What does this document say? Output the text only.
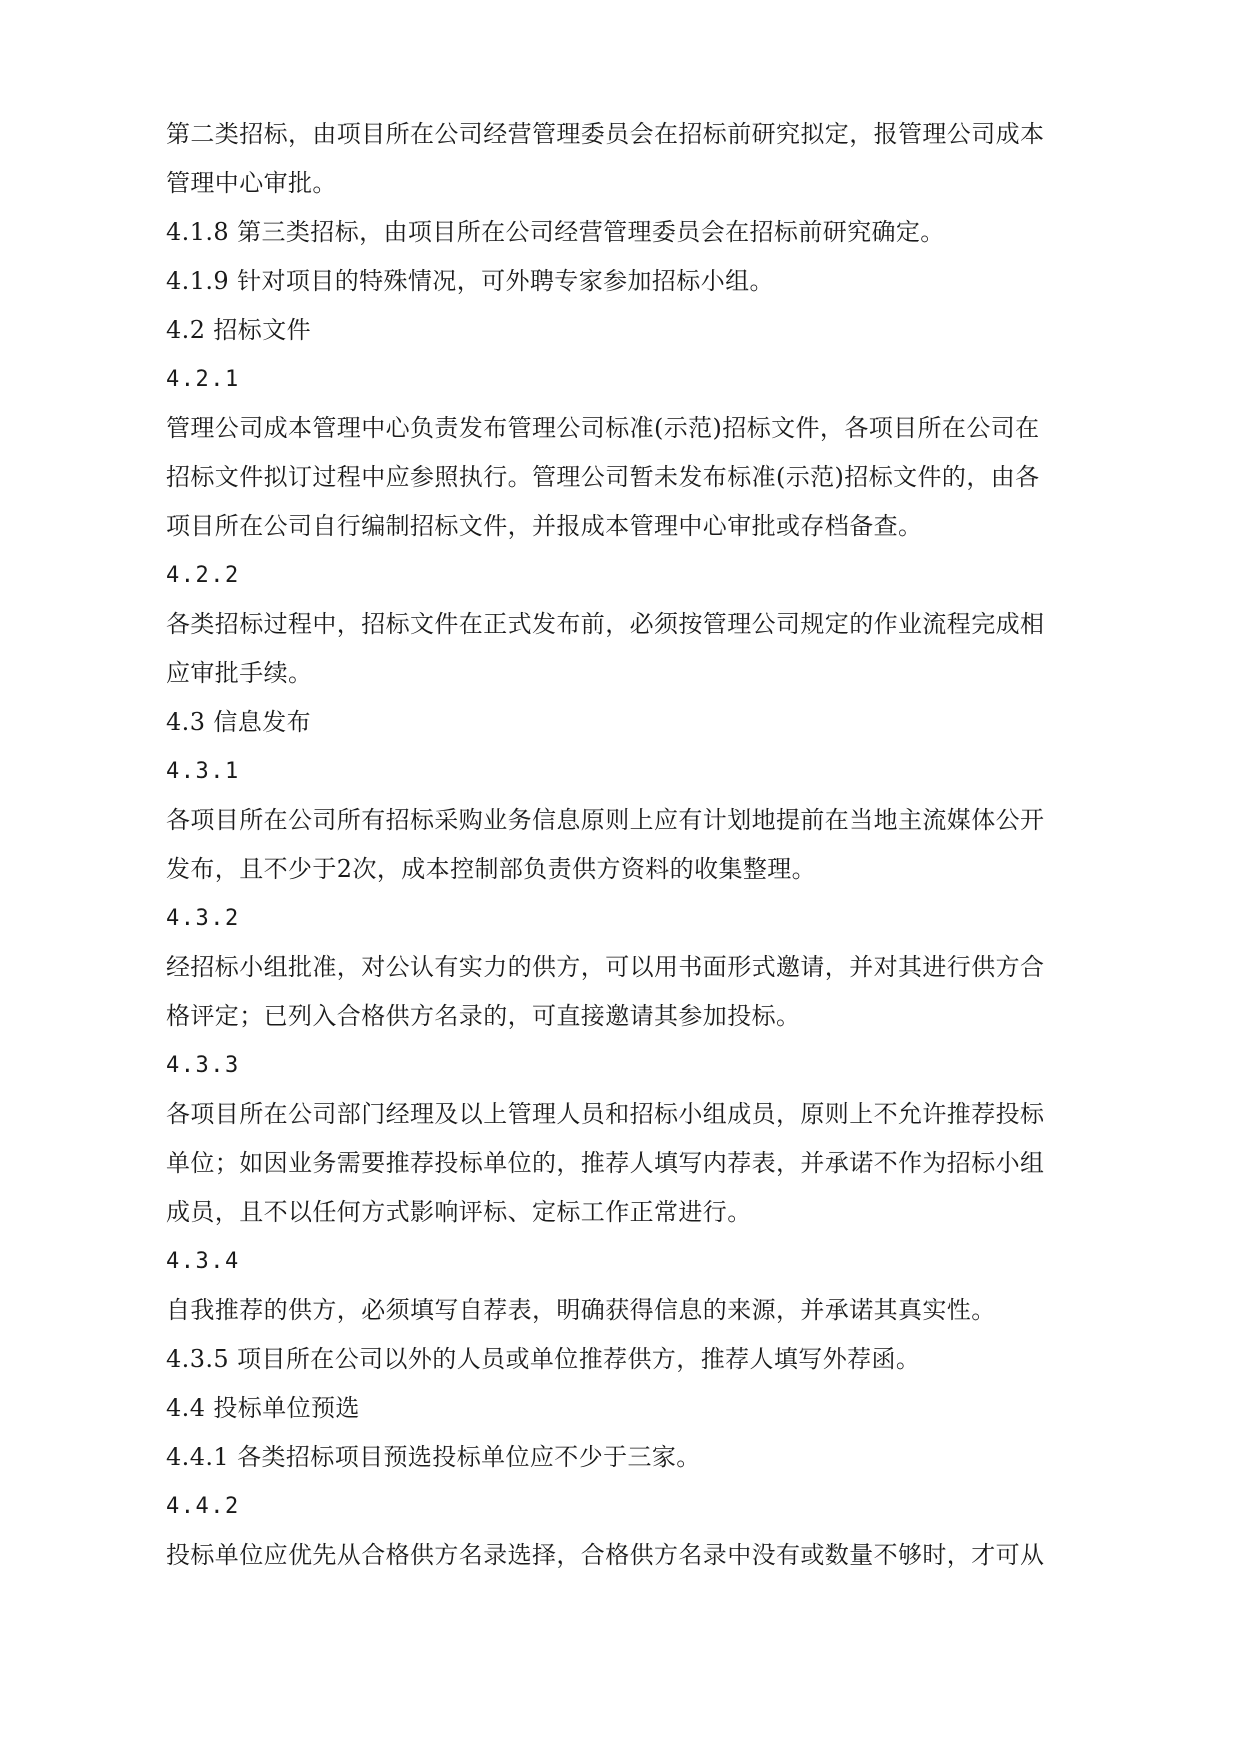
第二类招标，由项目所在公司经营管理委员会在招标前研究拟定，报管理公司成本
管理中心审批。
4.1.8 第三类招标，由项目所在公司经营管理委员会在招标前研究确定。
4.1.9 针对项目的特殊情况，可外聘专家参加招标小组。
4.2 招标文件
4.2.1
管理公司成本管理中心负责发布管理公司标准(示范)招标文件，各项目所在公司在
招标文件拟订过程中应参照执行。管理公司暂未发布标准(示范)招标文件的，由各
项目所在公司自行编制招标文件，并报成本管理中心审批或存档备查。
4.2.2
各类招标过程中，招标文件在正式发布前，必须按管理公司规定的作业流程完成相
应审批手续。
4.3 信息发布
4.3.1
各项目所在公司所有招标采购业务信息原则上应有计划地提前在当地主流媒体公开
发布，且不少于2次，成本控制部负责供方资料的收集整理。
4.3.2
经招标小组批准，对公认有实力的供方，可以用书面形式邀请，并对其进行供方合
格评定；已列入合格供方名录的，可直接邀请其参加投标。
4.3.3
各项目所在公司部门经理及以上管理人员和招标小组成员，原则上不允许推荐投标
单位；如因业务需要推荐投标单位的，推荐人填写内荐表，并承诺不作为招标小组
成员，且不以任何方式影响评标、定标工作正常进行。
4.3.4
自我推荐的供方，必须填写自荐表，明确获得信息的来源，并承诺其真实性。
4.3.5 项目所在公司以外的人员或单位推荐供方，推荐人填写外荐函。
4.4 投标单位预选
4.4.1 各类招标项目预选投标单位应不少于三家。
4.4.2
投标单位应优先从合格供方名录选择，合格供方名录中没有或数量不够时，才可从
